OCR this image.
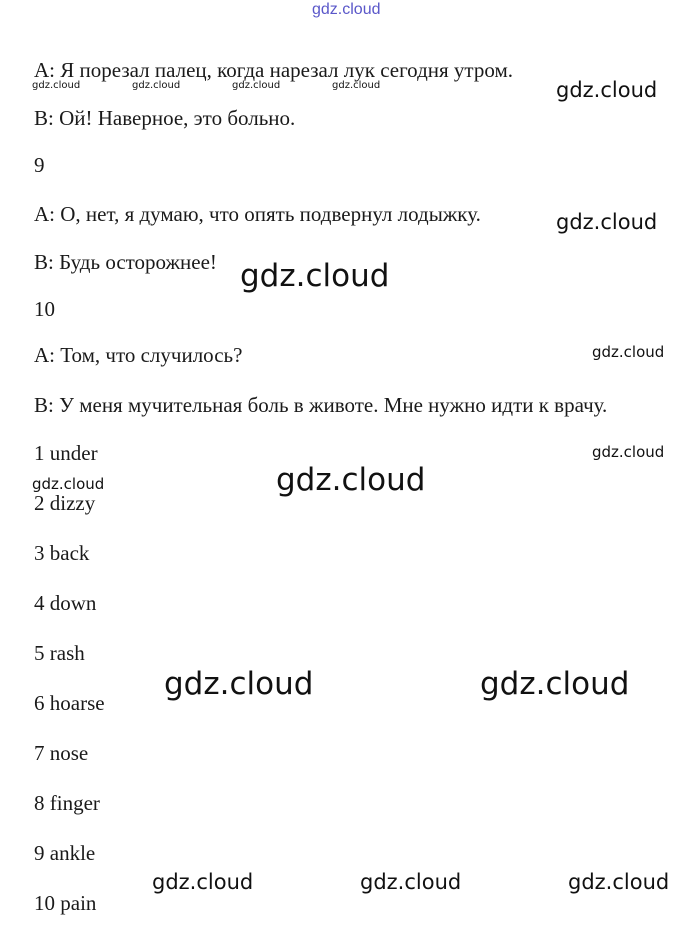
gdz.cloud
gdz.cloud	gdz.cloud	gdz.cloud	gdz.cloud	gdz.cloud
gdz.cloud
gdz.cloud
gdz.cloud
gdz.cloud
gdz.cloud
gdz.cloud
gdz.cloud	gdz.cloud
gdz.cloud	gdz.cloud	gdz.cloud
A: Я порезал палец, когда нарезал лук сегодня утром.
B: Ой! Наверное, это больно.
9
A: О, нет, я думаю, что опять подвернул лодыжку.
B: Будь осторожнее!
10
A: Том, что случилось?
B: У меня мучительная боль в животе. Мне нужно идти к врачу.
1 under
2 dizzy
3 back
4 down
5 rash
6 hoarse
7 nose
8 finger
9 ankle
10 pain
